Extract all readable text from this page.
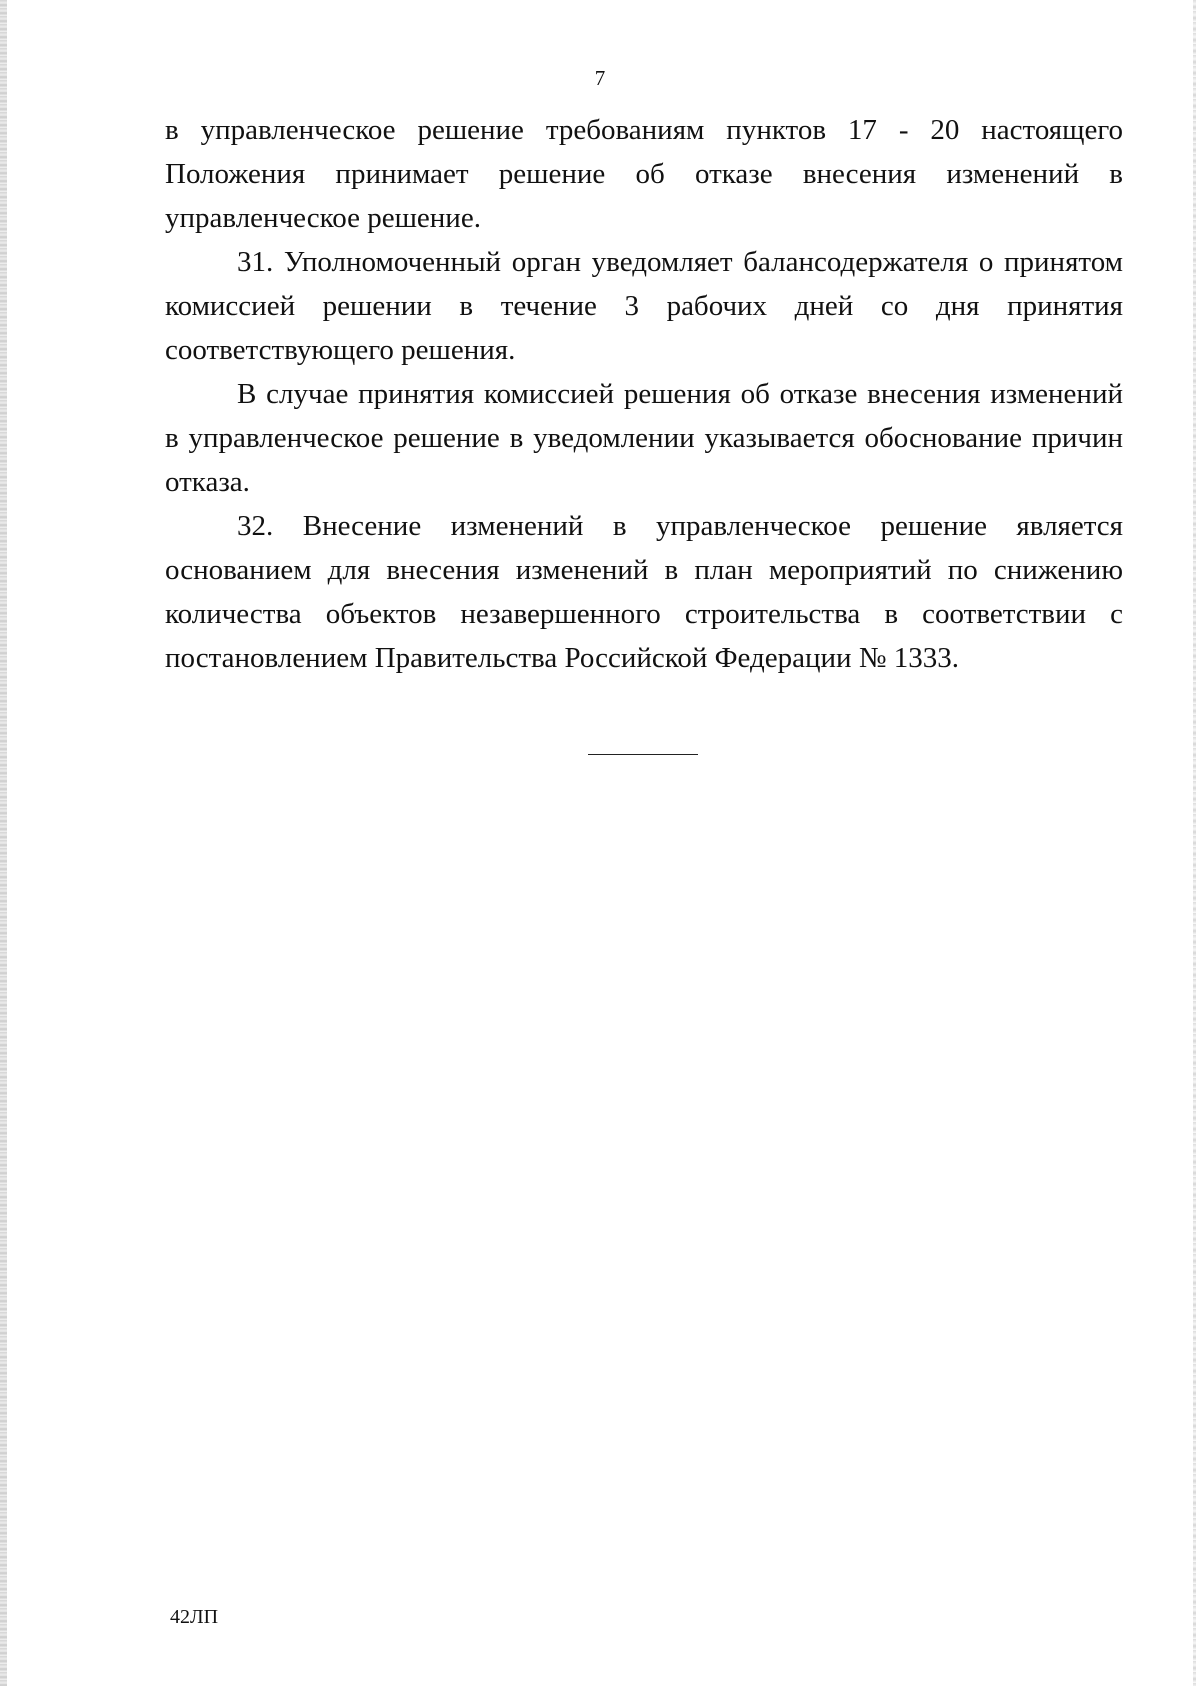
7

в управленческое решение требованиям пунктов 17 - 20 настоящего Положения принимает решение об отказе внесения изменений в управленческое решение.

31. Уполномоченный орган уведомляет балансодержателя о принятом комиссией решении в течение 3 рабочих дней со дня принятия соответствующего решения.

В случае принятия комиссией решения об отказе внесения изменений в управленческое решение в уведомлении указывается обоснование причин отказа.

32. Внесение изменений в управленческое решение является основанием для внесения изменений в план мероприятий по снижению количества объектов незавершенного строительства в соответствии с постановлением Правительства Российской Федерации № 1333.

42ЛП
